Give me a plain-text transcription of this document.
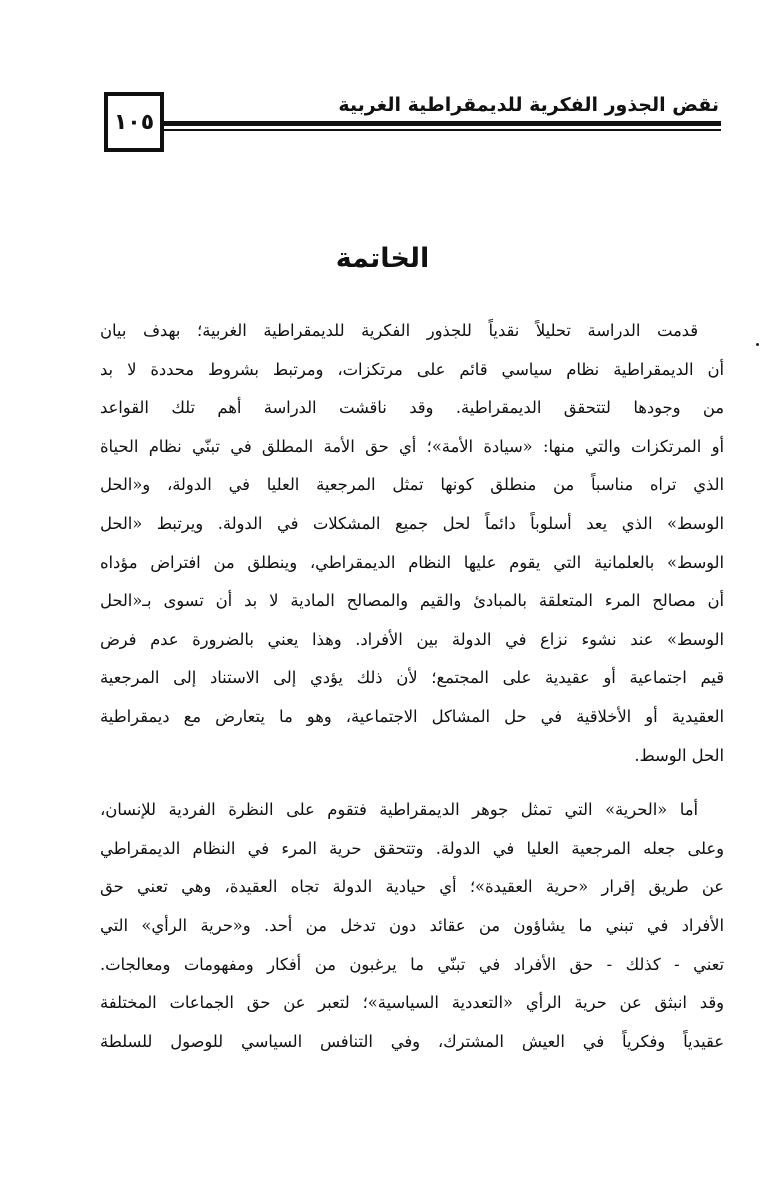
١٠٥
نقض الجذور الفكرية للديمقراطية الغربية
الخاتمة
قدمت الدراسة تحليلاً نقدياً للجذور الفكرية للديمقراطية الغربية؛ بهدف بيان
أن الديمقراطية نظام سياسي قائم على مرتكزات، ومرتبط بشروط محددة لا بد
من وجودها لتتحقق الديمقراطية. وقد ناقشت الدراسة أهم تلك القواعد
أو المرتكزات والتي منها: «سيادة الأمة»؛ أي حق الأمة المطلق في تبنّي نظام الحياة
الذي تراه مناسباً من منطلق كونها تمثل المرجعية العليا في الدولة، و«الحل
الوسط» الذي يعد أسلوباً دائماً لحل جميع المشكلات في الدولة. ويرتبط «الحل
الوسط» بالعلمانية التي يقوم عليها النظام الديمقراطي، وينطلق من افتراض مؤداه
أن مصالح المرء المتعلقة بالمبادئ والقيم والمصالح المادية لا بد أن تسوى بـ«الحل
الوسط» عند نشوء نزاع في الدولة بين الأفراد. وهذا يعني بالضرورة عدم فرض
قيم اجتماعية أو عقيدية على المجتمع؛ لأن ذلك يؤدي إلى الاستناد إلى المرجعية
العقيدية أو الأخلاقية في حل المشاكل الاجتماعية، وهو ما يتعارض مع ديمقراطية
الحل الوسط.
أما «الحرية» التي تمثل جوهر الديمقراطية فتقوم على النظرة الفردية للإنسان،
وعلى جعله المرجعية العليا في الدولة. وتتحقق حرية المرء في النظام الديمقراطي
عن طريق إقرار «حرية العقيدة»؛ أي حيادية الدولة تجاه العقيدة، وهي تعني حق
الأفراد في تبني ما يشاؤون من عقائد دون تدخل من أحد. و«حرية الرأي» التي
تعني - كذلك - حق الأفراد في تبنّي ما يرغبون من أفكار ومفهومات ومعالجات.
وقد انبثق عن حرية الرأي «التعددية السياسية»؛ لتعبر عن حق الجماعات المختلفة
عقيدياً وفكرياً في العيش المشترك، وفي التنافس السياسي للوصول للسلطة
